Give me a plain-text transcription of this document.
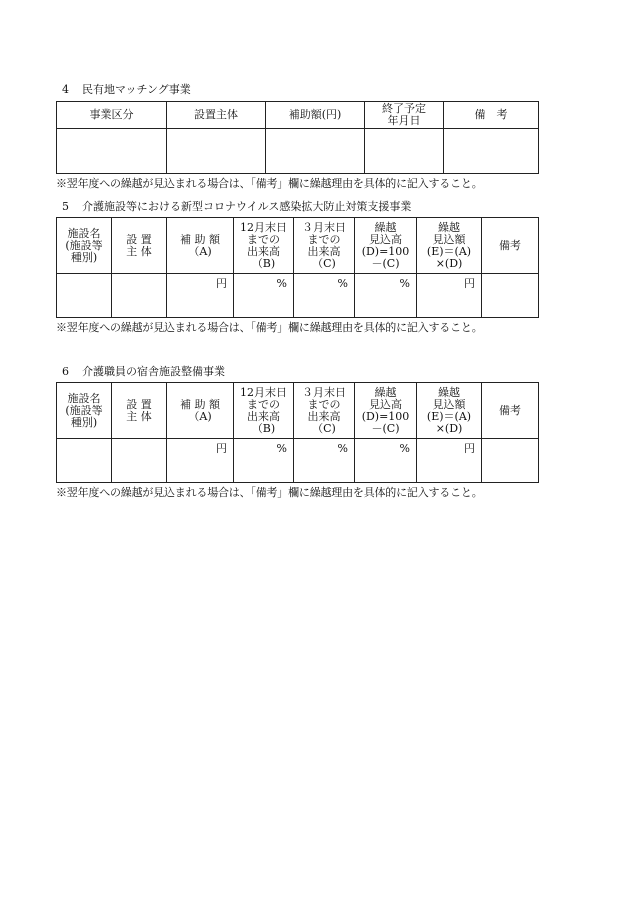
4 民有地マッチング事業

事業区分	設置主体	補助額(円)	終了予定
年月日	備　考

※翌年度への繰越が見込まれる場合は、「備考」欄に繰越理由を具体的に記入すること。

5 介護施設等における新型コロナウイルス感染拡大防止対策支援事業

施設名
(施設等
種別)	設 置
主 体	補 助 額
（A)	12月末日
までの
出来高
（B)	３月末日
までの
出来高
（C)	繰越
見込高
(D)=100
－(C)	繰越
見込額
(E)＝(A)
×(D)	備考
		円	%	%	%	円	

※翌年度への繰越が見込まれる場合は、「備考」欄に繰越理由を具体的に記入すること。

6 介護職員の宿舎施設整備事業

施設名
(施設等
種別)	設 置
主 体	補 助 額
（A)	12月末日
までの
出来高
（B)	３月末日
までの
出来高
（C)	繰越
見込高
(D)=100
－(C)	繰越
見込額
(E)＝(A)
×(D)	備考
		円	%	%	%	円	

※翌年度への繰越が見込まれる場合は、「備考」欄に繰越理由を具体的に記入すること。
